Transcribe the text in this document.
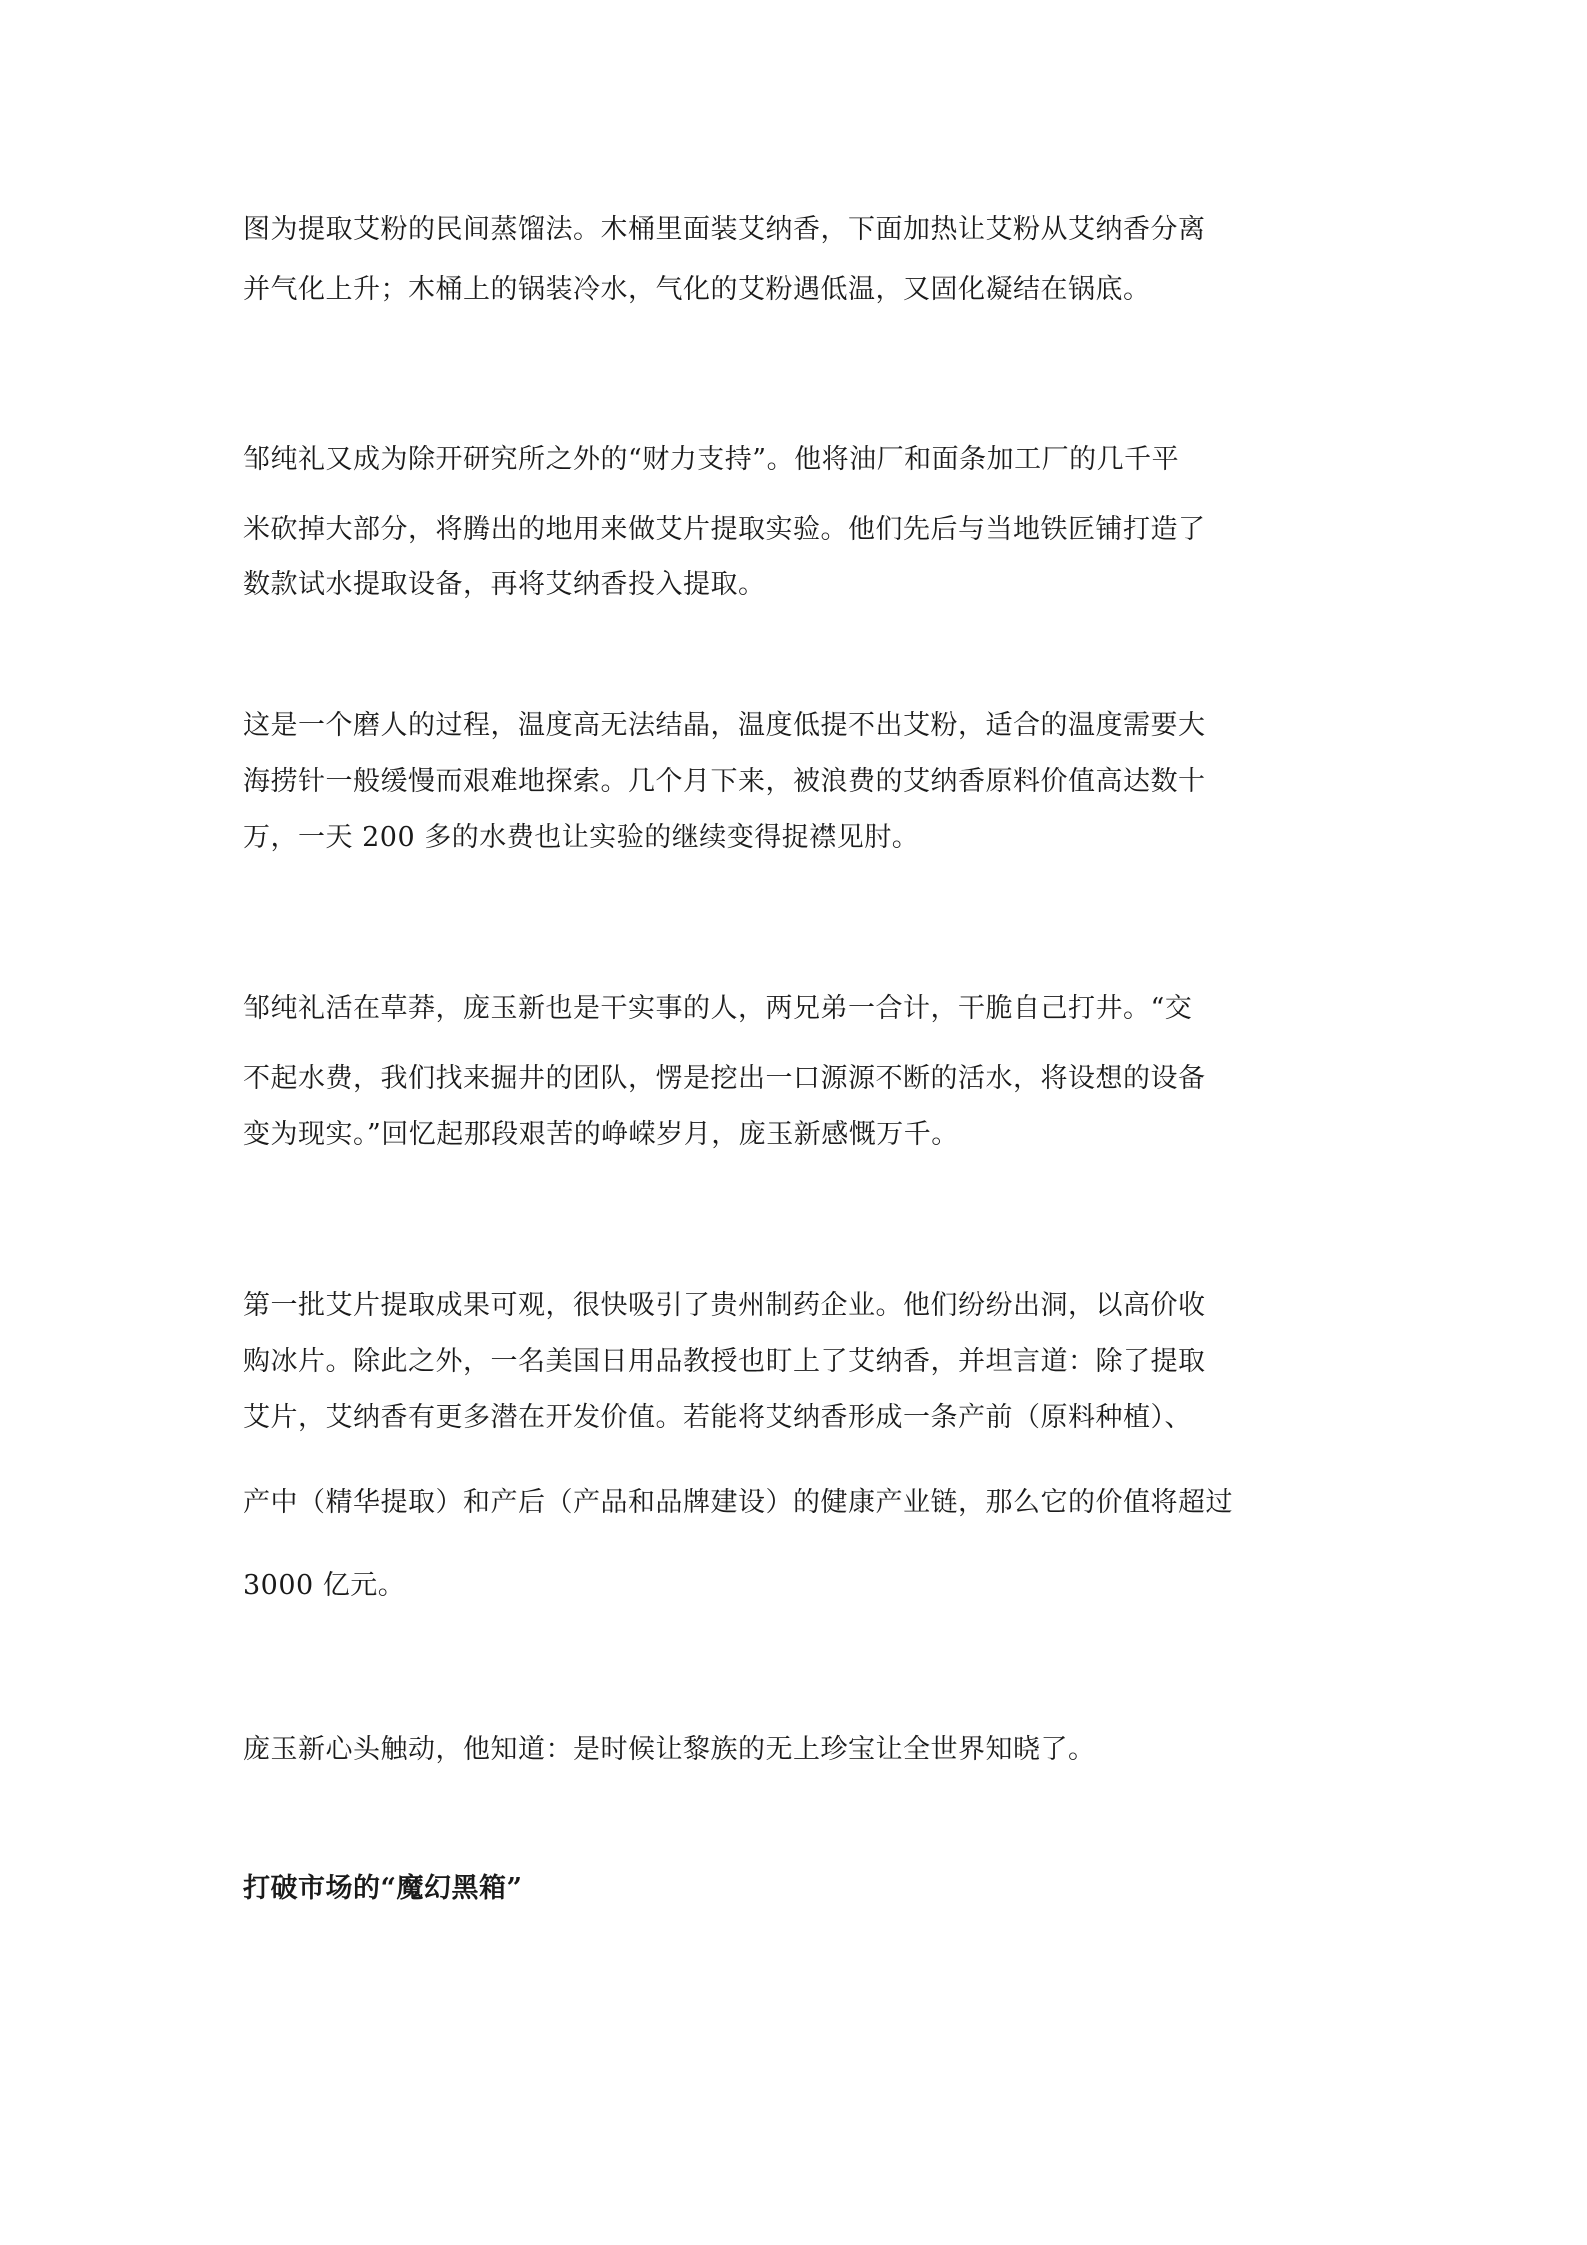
图为提取艾粉的民间蒸馏法。木桶里面装艾纳香，下面加热让艾粉从艾纳香分离
并气化上升；木桶上的锅装冷水，气化的艾粉遇低温，又固化凝结在锅底。
邹纯礼又成为除开研究所之外的“财力支持”。他将油厂和面条加工厂的几千平
米砍掉大部分，将腾出的地用来做艾片提取实验。他们先后与当地铁匠铺打造了
数款试水提取设备，再将艾纳香投入提取。
这是一个磨人的过程，温度高无法结晶，温度低提不出艾粉，适合的温度需要大
海捞针一般缓慢而艰难地探索。几个月下来，被浪费的艾纳香原料价值高达数十
万，一天 200 多的水费也让实验的继续变得捉襟见肘。
邹纯礼活在草莽，庞玉新也是干实事的人，两兄弟一合计，干脆自己打井。“交
不起水费，我们找来掘井的团队，愣是挖出一口源源不断的活水，将设想的设备
变为现实。”回忆起那段艰苦的峥嵘岁月，庞玉新感慨万千。
第一批艾片提取成果可观，很快吸引了贵州制药企业。他们纷纷出洞，以高价收
购冰片。除此之外，一名美国日用品教授也盯上了艾纳香，并坦言道：除了提取
艾片，艾纳香有更多潜在开发价值。若能将艾纳香形成一条产前（原料种植）、
产中（精华提取）和产后（产品和品牌建设）的健康产业链，那么它的价值将超过
3000 亿元。
庞玉新心头触动，他知道：是时候让黎族的无上珍宝让全世界知晓了。
打破市场的“魔幻黑箱”
